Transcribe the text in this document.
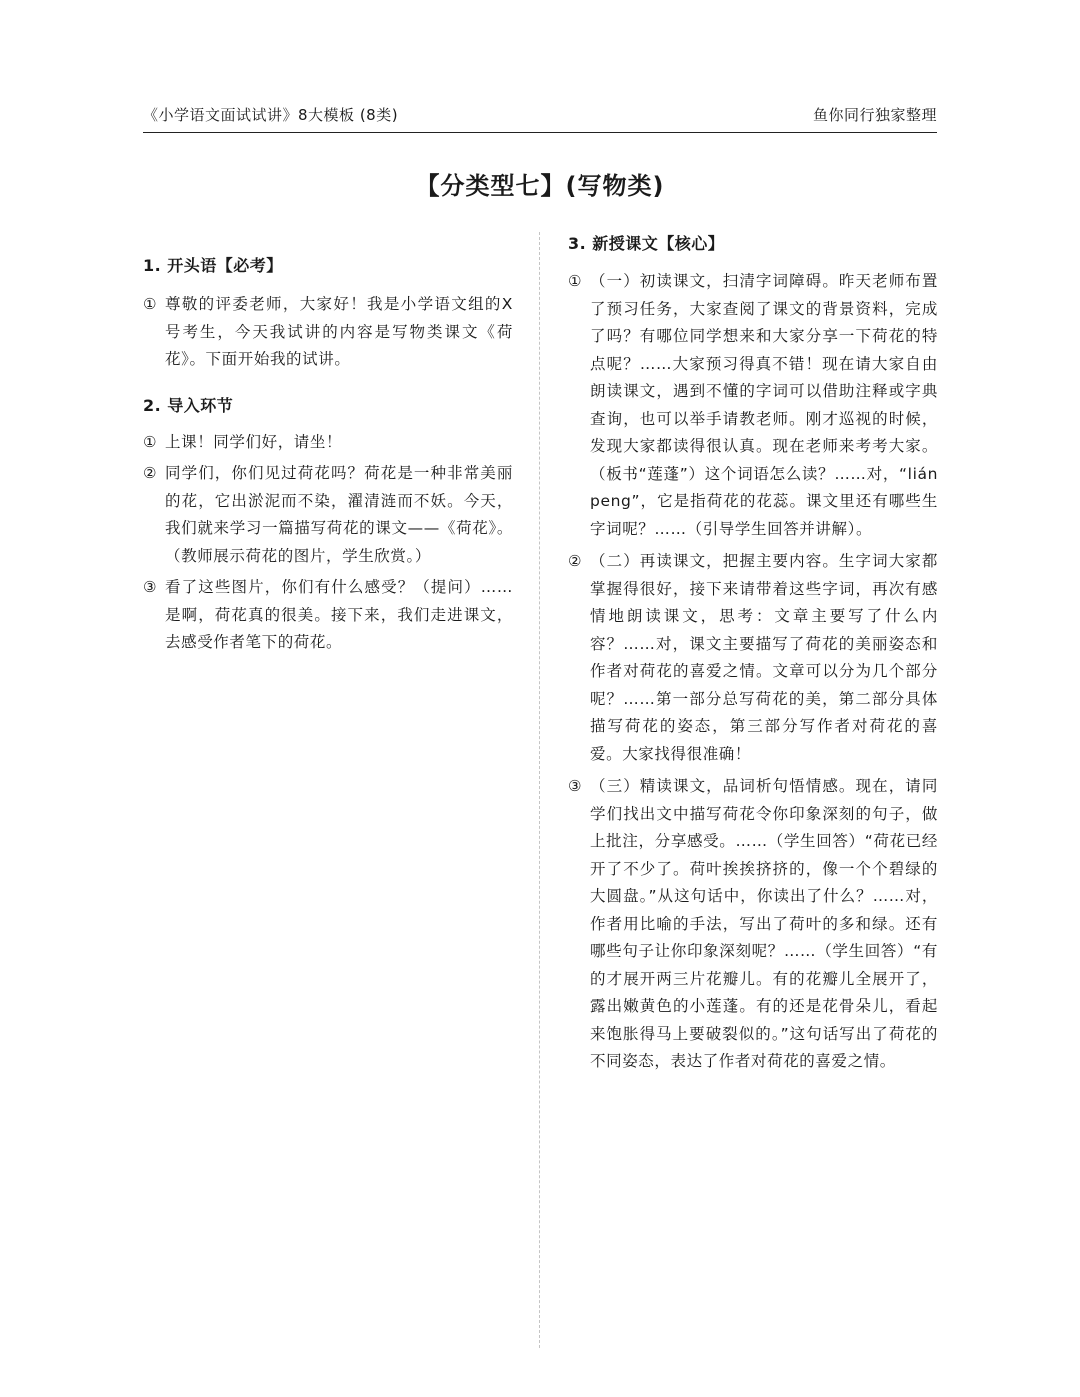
《小学语文面试试讲》8大模板 (8类)	鱼你同行独家整理
【分类型七】(写物类)
1. 开头语【必考】
① 尊敬的评委老师，大家好！我是小学语文组的X号考生，今天我试讲的内容是写物类课文《荷花》。下面开始我的试讲。
2. 导入环节
① 上课！同学们好，请坐！
② 同学们，你们见过荷花吗？荷花是一种非常美丽的花，它出淤泥而不染，濯清涟而不妖。今天，我们就来学习一篇描写荷花的课文——《荷花》。（教师展示荷花的图片，学生欣赏。）
③ 看了这些图片，你们有什么感受？（提问）……是啊，荷花真的很美。接下来，我们走进课文，去感受作者笔下的荷花。
3. 新授课文【核心】
① （一）初读课文，扫清字词障碍。昨天老师布置了预习任务，大家查阅了课文的背景资料，完成了吗？有哪位同学想来和大家分享一下荷花的特点呢？……大家预习得真不错！现在请大家自由朗读课文，遇到不懂的字词可以借助注释或字典查询，也可以举手请教老师。刚才巡视的时候，发现大家都读得很认真。现在老师来考考大家。（板书“莲蓬”）这个词语怎么读？……对，“lián peng”，它是指荷花的花蕊。课文里还有哪些生字词呢？……（引导学生回答并讲解）。
② （二）再读课文，把握主要内容。生字词大家都掌握得很好，接下来请带着这些字词，再次有感情地朗读课文，思考：文章主要写了什么内容？……对，课文主要描写了荷花的美丽姿态和作者对荷花的喜爱之情。文章可以分为几个部分呢？……第一部分总写荷花的美，第二部分具体描写荷花的姿态，第三部分写作者对荷花的喜爱。大家找得很准确！
③ （三）精读课文，品词析句悟情感。现在，请同学们找出文中描写荷花令你印象深刻的句子，做上批注，分享感受。……（学生回答）“荷花已经开了不少了。荷叶挨挨挤挤的，像一个个碧绿的大圆盘。”从这句话中，你读出了什么？……对，作者用比喻的手法，写出了荷叶的多和绿。还有哪些句子让你印象深刻呢？……（学生回答）“有的才展开两三片花瓣儿。有的花瓣儿全展开了，露出嫩黄色的小莲蓬。有的还是花骨朵儿，看起来饱胀得马上要破裂似的。”这句话写出了荷花的不同姿态，表达了作者对荷花的喜爱之情。
